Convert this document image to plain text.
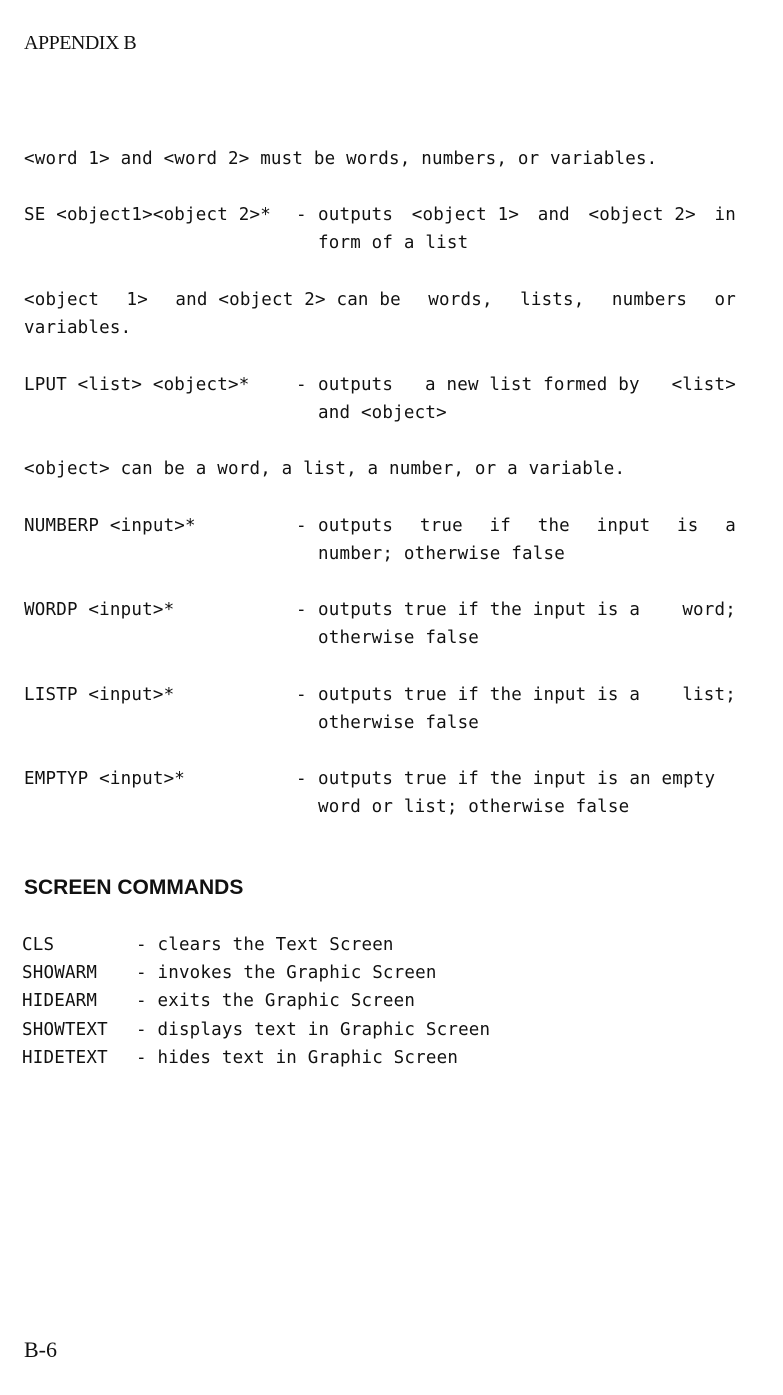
APPENDIX B
<word 1> and <word 2> must be words, numbers, or variables.
SE <object1><object 2>* - outputs <object 1> and <object 2> in
form of a list
<object 1> and <object 2> can be words, lists, numbers or
variables.
LPUT <list> <object>*	- outputs a new list formed by <list>
and <object>
<object> can be a word, a list, a number, or a variable.
NUMBERP <input>*	- outputs true if the input is a
number; otherwise false
WORDP <input>*	- outputs true if the input is a word;
otherwise false
LISTP <input>*	- outputs true if the input is a list;
otherwise false
EMPTYP <input>*	- outputs true if the input is an empty
word or list; otherwise false
SCREEN COMMANDS
CLS	- clears the Text Screen
SHOWARM - invokes the Graphic Screen
HIDEARM - exits the Graphic Screen
SHOWTEXT - displays text in Graphic Screen
HIDETEXT - hides text in Graphic Screen
B-6
